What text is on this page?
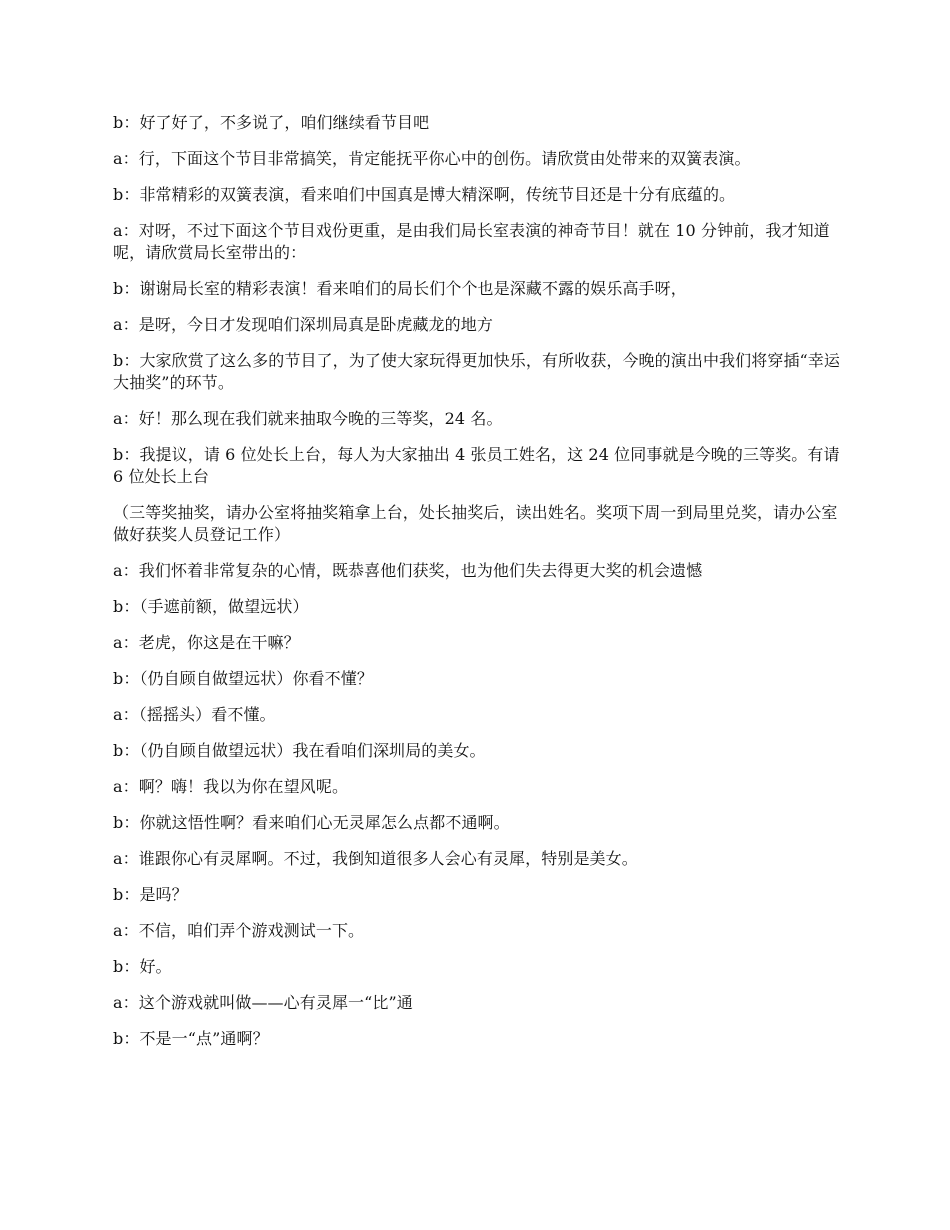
b：好了好了，不多说了，咱们继续看节目吧

a：行，下面这个节目非常搞笑，肯定能抚平你心中的创伤。请欣赏由处带来的双簧表演。

b：非常精彩的双簧表演，看来咱们中国真是博大精深啊，传统节目还是十分有底蕴的。

a：对呀，不过下面这个节目戏份更重，是由我们局长室表演的神奇节目！就在 10 分钟前，我才知道呢，请欣赏局长室带出的：

b：谢谢局长室的精彩表演！看来咱们的局长们个个也是深藏不露的娱乐高手呀，

a：是呀，今日才发现咱们深圳局真是卧虎藏龙的地方

b：大家欣赏了这么多的节目了，为了使大家玩得更加快乐，有所收获，今晚的演出中我们将穿插“幸运大抽奖”的环节。

a：好！那么现在我们就来抽取今晚的三等奖，24 名。

b：我提议，请 6 位处长上台，每人为大家抽出 4 张员工姓名，这 24 位同事就是今晚的三等奖。有请 6 位处长上台

（三等奖抽奖，请办公室将抽奖箱拿上台，处长抽奖后，读出姓名。奖项下周一到局里兑奖，请办公室做好获奖人员登记工作）

a：我们怀着非常复杂的心情，既恭喜他们获奖，也为他们失去得更大奖的机会遗憾

b：（手遮前额，做望远状）

a：老虎，你这是在干嘛？

b：（仍自顾自做望远状）你看不懂？

a：（摇摇头）看不懂。

b：（仍自顾自做望远状）我在看咱们深圳局的美女。

a：啊？嗨！我以为你在望风呢。

b：你就这悟性啊？看来咱们心无灵犀怎么点都不通啊。

a：谁跟你心有灵犀啊。不过，我倒知道很多人会心有灵犀，特别是美女。

b：是吗？

a：不信，咱们弄个游戏测试一下。

b：好。

a：这个游戏就叫做——心有灵犀一“比”通

b：不是一“点”通啊？
